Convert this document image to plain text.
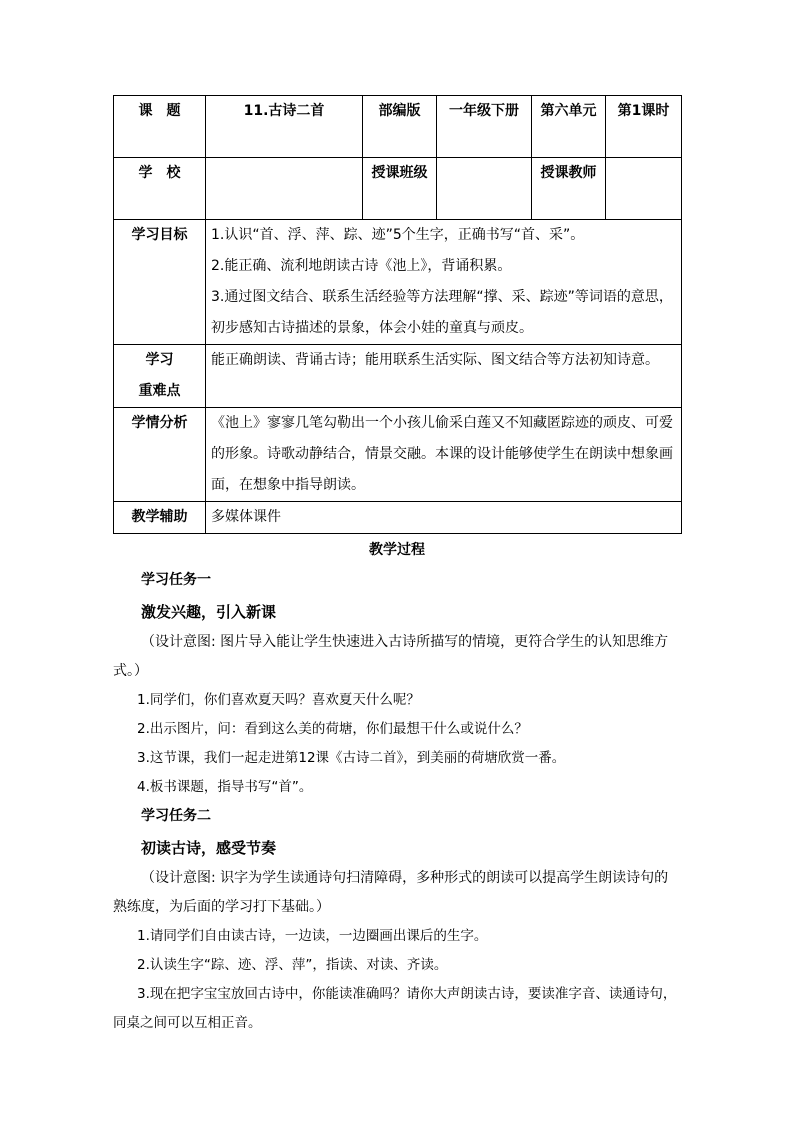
课　题	11.古诗二首	部编版	一年级下册	第六单元	第1课时
学　校		授课班级		授课教师	
学习目标	1.认识“首、浮、萍、踪、迹”5个生字，正确书写“首、采”。
2.能正确、流利地朗读古诗《池上》，背诵积累。
3.通过图文结合、联系生活经验等方法理解“撑、采、踪迹”等词语的意思，初步感知古诗描述的景象，体会小娃的童真与顽皮。				

学习
重难点	能正确朗读、背诵古诗；能用联系生活实际、图文结合等方法初知诗意。				
学情分析	《池上》寥寥几笔勾勒出一个小孩儿偷采白莲又不知藏匿踪迹的顽皮、可爱的形象。诗歌动静结合，情景交融。本课的设计能够使学生在朗读中想象画面，在想象中指导朗读。				
教学辅助	多媒体课件				
教学过程

学习任务一

激发兴趣，引入新课

（设计意图: 图片导入能让学生快速进入古诗所描写的情境，更符合学生的认知思维方式。）

1.同学们，你们喜欢夏天吗？喜欢夏天什么呢？

2.出示图片，问：看到这么美的荷塘，你们最想干什么或说什么？

3.这节课，我们一起走进第12课《古诗二首》，到美丽的荷塘欣赏一番。

4.板书课题，指导书写“首”。

学习任务二

初读古诗，感受节奏

（设计意图: 识字为学生读通诗句扫清障碍，多种形式的朗读可以提高学生朗读诗句的熟练度，为后面的学习打下基础。）

1.请同学们自由读古诗，一边读，一边圈画出课后的生字。

2.认读生字“踪、迹、浮、萍”，指读、对读、齐读。

3.现在把字宝宝放回古诗中，你能读准确吗？请你大声朗读古诗，要读准字音、读通诗句，同桌之间可以互相正音。
